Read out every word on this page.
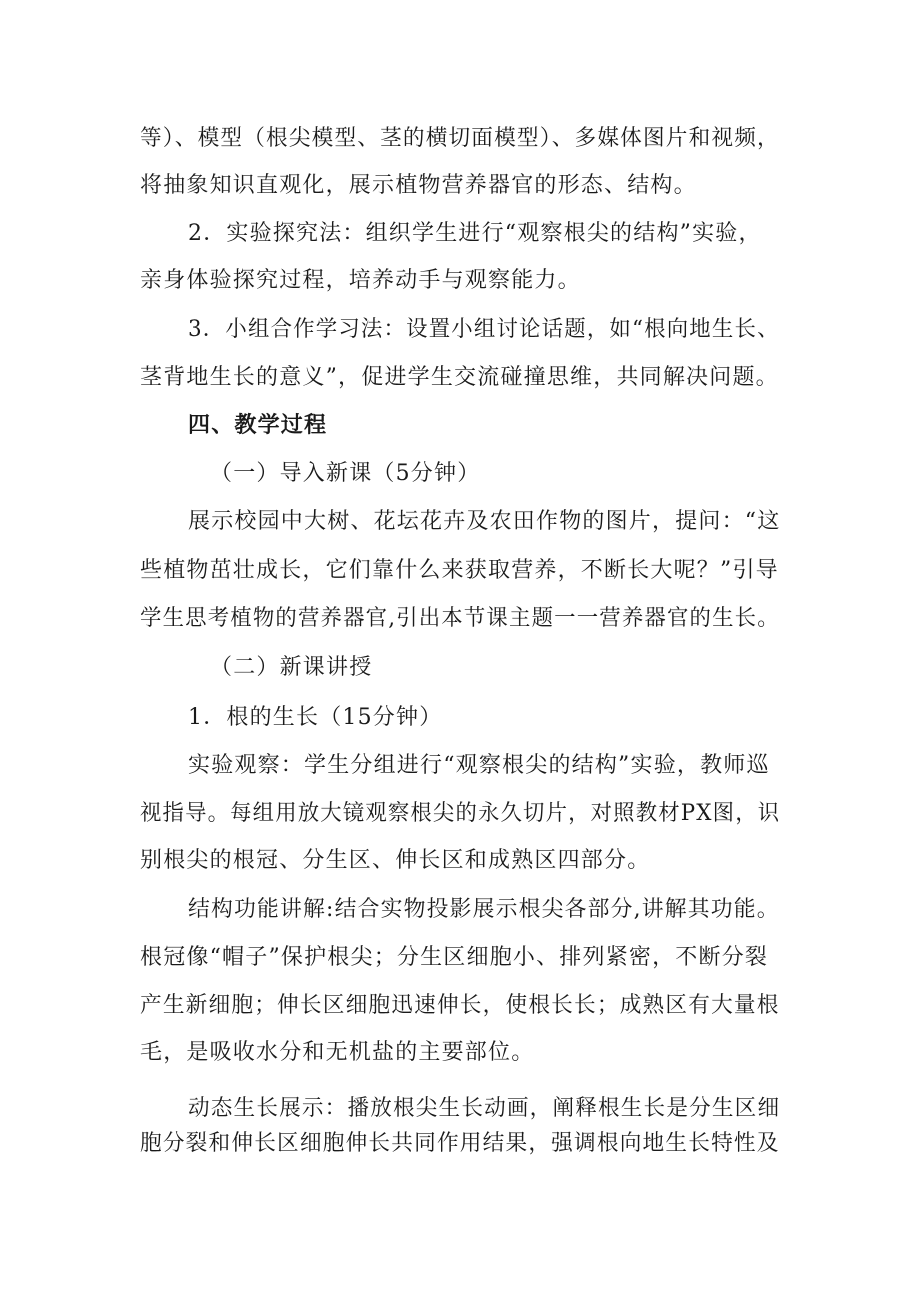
等）、模型（根尖模型、茎的横切面模型）、多媒体图片和视频，
将抽象知识直观化，展示植物营养器官的形态、结构。
2．实验探究法：组织学生进行“观察根尖的结构”实验，
亲身体验探究过程，培养动手与观察能力。
3．小组合作学习法：设置小组讨论话题，如“根向地生长、
茎背地生长的意义”，促进学生交流碰撞思维，共同解决问题。
四、教学过程
（一）导入新课（5分钟）
展示校园中大树、花坛花卉及农田作物的图片，提问：“这
些植物茁壮成长，它们靠什么来获取营养，不断长大呢？”引导
学生思考植物的营养器官,引出本节课主题一一营养器官的生长。
（二）新课讲授
1．根的生长（15分钟）
实验观察：学生分组进行“观察根尖的结构”实验，教师巡
视指导。每组用放大镜观察根尖的永久切片，对照教材PX图，识
别根尖的根冠、分生区、伸长区和成熟区四部分。
结构功能讲解:结合实物投影展示根尖各部分,讲解其功能。
根冠像“帽子”保护根尖；分生区细胞小、排列紧密，不断分裂
产生新细胞；伸长区细胞迅速伸长，使根长长；成熟区有大量根
毛，是吸收水分和无机盐的主要部位。
动态生长展示：播放根尖生长动画，阐释根生长是分生区细
胞分裂和伸长区细胞伸长共同作用结果，强调根向地生长特性及
